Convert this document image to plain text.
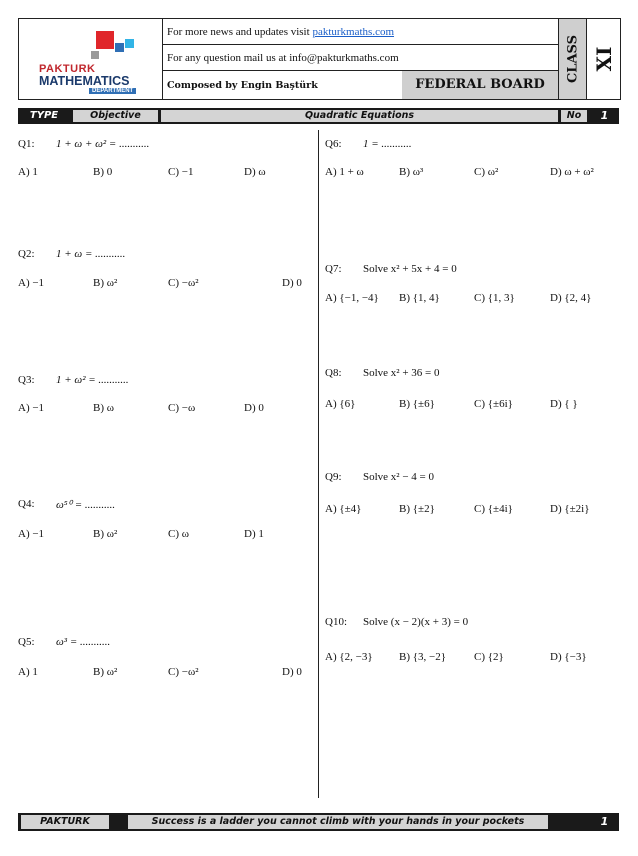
PAKTURK
MATHEMATICS
DEPARTMENT
For more news and updates visit pakturkmaths.com
For any question mail us at info@pakturkmaths.com
Composed by Engin Baştürk	FEDERAL BOARD
CLASS XI
TYPE	Objective	Quadratic Equations	No	1
Q1: 1 + ω + ω² = ...........
A) 1	B) 0	C) −1	D) ω
Q2: 1 + ω = ...........
A) −1	B) ω²	C) −ω²	D) 0
Q3: 1 + ω² = ...........
A) −1	B) ω	C) −ω	D) 0
Q4: ω⁵⁰ = ...........
A) −1	B) ω²	C) ω	D) 1
Q5: ω³ = ...........
A) 1	B) ω²	C) −ω²	D) 0
Q6: 1 = ...........
A) 1 + ω	B) ω³	C) ω²	D) ω + ω²
Q7: Solve x² + 5x + 4 = 0
A) {−1, −4} B) {1, 4}	C) {1, 3}	D) {2, 4}
Q8: Solve x² + 36 = 0
A) {6}	B) {±6}	C) {±6i}	D) { }
Q9: Solve x² − 4 = 0
A) {±4}	B) {±2}	C) {±4i}	D) {±2i}
Q10: Solve (x − 2)(x + 3) = 0
A) {2, −3} B) {3, −2}	C) {2}	D) {−3}
PAKTURK	Success is a ladder you cannot climb with your hands in your pockets	1
